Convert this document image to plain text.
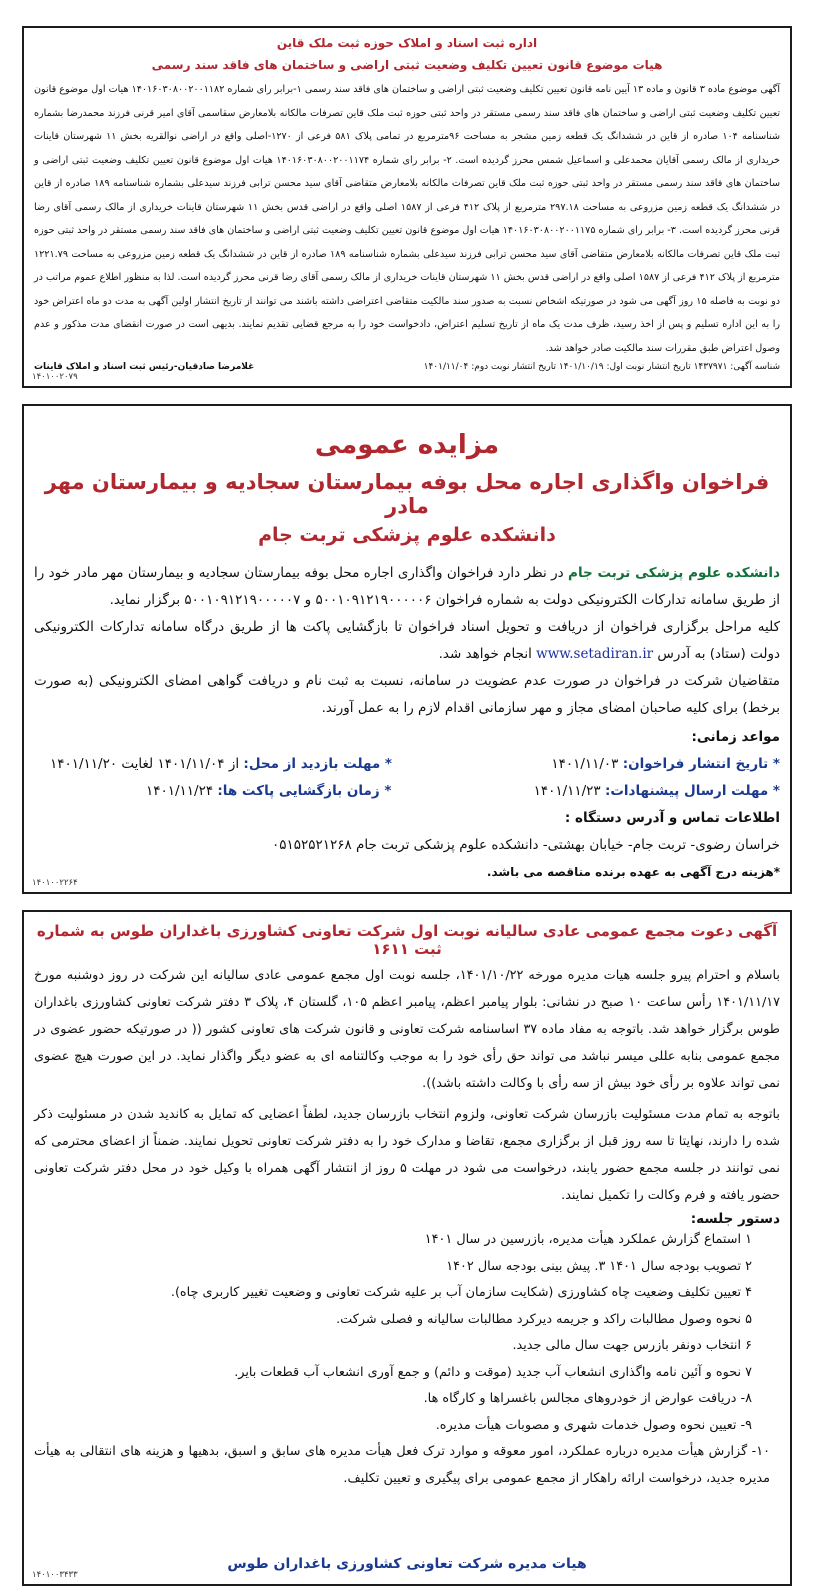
اداره ثبت اسناد و املاک حوزه ثبت ملک قاین
هیات موضوع قانون تعیین تکلیف وضعیت ثبتی اراضی و ساختمان های فاقد سند رسمی

آگهی موضوع ماده ۳ قانون و ماده ۱۳ آیین نامه قانون تعیین تکلیف وضعیت ثبتی اراضی و ساختمان های فاقد سند رسمی ۱-برابر رای شماره ۱۴۰۱۶۰۳۰۸۰۰۲۰۰۱۱۸۲ هیات اول موضوع قانون تعیین تکلیف وضعیت ثبتی اراضی و ساختمان های فاقد سند رسمی مستقر در واحد ثبتی حوزه ثبت ملک قاین تصرفات مالکانه بلامعارض سقاسمی آقای امیر قرنی فرزند محمدرضا بشماره شناسنامه ۱۰۴ صادره از قاین در ششدانگ یک قطعه زمین مشجر به مساحت ۹۶مترمربع در تمامی پلاک ۵۸۱ فرعی از ۱۲۷۰-اصلی واقع در اراضی نوالقریه بخش ۱۱ شهرستان قاینات خریداری از مالک رسمی آقایان محمدعلی و اسماعیل شمس محرز گردیده است. ۲- برابر رای شماره ۱۴۰۱۶۰۳۰۸۰۰۲۰۰۱۱۷۴ هیات اول موضوع قانون تعیین تکلیف وضعیت ثبتی اراضی و ساختمان های فاقد سند رسمی مستقر در واحد ثبتی حوزه ثبت ملک قاین تصرفات مالکانه بلامعارض متقاضی آقای سید محسن ترابی فرزند سیدعلی بشماره شناسنامه ۱۸۹ صادره از قاین در ششدانگ یک قطعه زمین مزروعی به مساحت ۲۹۷.۱۸ مترمربع از پلاک ۴۱۲ فرعی از ۱۵۸۷ اصلی واقع در اراضی قدس بخش ۱۱ شهرستان قاینات خریداری از مالک رسمی آقای رضا قرنی محرز گردیده است. ۳- برابر رای شماره ۱۴۰۱۶۰۳۰۸۰۰۲۰۰۱۱۷۵ هیات اول موضوع قانون تعیین تکلیف وضعیت ثبتی اراضی و ساختمان های فاقد سند رسمی مستقر در واحد ثبتی حوزه ثبت ملک قاین تصرفات مالکانه بلامعارض متقاضی آقای سید محسن ترابی فرزند سیدعلی بشماره شناسنامه ۱۸۹ صادره از قاین در ششدانگ یک قطعه زمین مزروعی به مساحت ۱۲۲۱.۷۹ مترمربع از پلاک ۴۱۲ فرعی از ۱۵۸۷ اصلی واقع در اراضی قدس بخش ۱۱ شهرستان قاینات خریداری از مالک رسمی آقای رضا قرنی محرز گردیده است. لذا به منظور اطلاع عموم مراتب در دو نوبت به فاصله ۱۵ روز آگهی می شود در صورتیکه اشخاص نسبت به صدور سند مالکیت متقاضی اعتراضی داشته باشند می توانند از تاریخ انتشار اولین آگهی به مدت دو ماه اعتراض خود را به این اداره تسلیم و پس از اخذ رسید، ظرف مدت یک ماه از تاریخ تسلیم اعتراض، دادخواست خود را به مرجع قضایی تقدیم نمایند. بدیهی است در صورت انقضای مدت مذکور و عدم وصول اعتراض طبق مقررات سند مالکیت صادر خواهد شد.

شناسه آگهی: ۱۴۳۷۹۷۱ تاریخ انتشار نوبت اول: ۱۴۰۱/۱۰/۱۹ تاریخ انتشار نوبت دوم: ۱۴۰۱/۱۱/۰۴
غلامرضا صادقیان-رئیس ثبت اسناد و املاک قاینات
۱۴۰۱۰۰۲۰۷۹
مزایده عمومی
فراخوان واگذاری اجاره محل بوفه بیمارستان سجادیه و بیمارستان مهر مادر
دانشکده علوم پزشکی تربت جام

دانشکده علوم پزشکی تربت جام در نظر دارد فراخوان واگذاری اجاره محل بوفه بیمارستان سجادیه و بیمارستان مهر مادر خود را از طریق سامانه تدارکات الکترونیکی دولت به شماره فراخوان ۵۰۰۱۰۹۱۲۱۹۰۰۰۰۰۶ و ۵۰۰۱۰۹۱۲۱۹۰۰۰۰۰۷ برگزار نماید.

کلیه مراحل برگزاری فراخوان از دریافت و تحویل اسناد فراخوان تا بازگشایی پاکت ها از طریق درگاه سامانه تدارکات الکترونیکی دولت (ستاد) به آدرس www.setadiran.ir انجام خواهد شد.

متقاضیان شرکت در فراخوان در صورت عدم عضویت در سامانه، نسبت به ثبت نام و دریافت گواهی امضای الکترونیکی (به صورت برخط) برای کلیه صاحبان امضای مجاز و مهر سازمانی اقدام لازم را به عمل آورند.

مواعد زمانی:
* تاریخ انتشار فراخوان: ۱۴۰۱/۱۱/۰۳
* مهلت بازدید از محل: از ۱۴۰۱/۱۱/۰۴ لغایت ۱۴۰۱/۱۱/۲۰
* مهلت ارسال پیشنهادات: ۱۴۰۱/۱۱/۲۳
* زمان بازگشایی پاکت ها: ۱۴۰۱/۱۱/۲۴
اطلاعات تماس و آدرس دستگاه :
خراسان رضوی- تربت جام- خیابان بهشتی- دانشکده علوم پزشکی تربت جام ۰۵۱۵۲۵۲۱۲۶۸
*هزینه درج آگهی به عهده برنده مناقصه می باشد.
۱۴۰۱۰۰۲۲۶۴
آگهی دعوت مجمع عمومی عادی سالیانه نوبت اول شرکت تعاونی کشاورزی باغداران طوس به شماره ثبت ۱۶۱۱

باسلام و احترام پیرو جلسه هیات مدیره مورخه ۱۴۰۱/۱۰/۲۲، جلسه نوبت اول مجمع عمومی عادی سالیانه این شرکت در روز دوشنبه مورخ ۱۴۰۱/۱۱/۱۷ رأس ساعت ۱۰ صبح در نشانی: بلوار پیامبر اعظم، پیامبر اعظم ۱۰۵، گلستان ۴، پلاک ۳ دفتر شرکت تعاونی کشاورزی باغداران طوس برگزار خواهد شد. باتوجه به مفاد ماده ۳۷ اساسنامه شرکت تعاونی و قانون شرکت های تعاونی کشور (( در صورتیکه حضور عضوی در مجمع عمومی بنابه عللی میسر نباشد می تواند حق رأی خود را به موجب وکالتنامه ای به عضو دیگر واگذار نماید. در این صورت هیچ عضوی نمی تواند علاوه بر رأی خود بیش از سه رأی با وکالت داشته باشد)).

باتوجه به تمام مدت مسئولیت بازرسان شرکت تعاونی، ولزوم انتخاب بازرسان جدید، لطفاً اعضایی که تمایل به کاندید شدن در مسئولیت ذکر شده را دارند، نهایتا تا سه روز قبل از برگزاری مجمع، تقاضا و مدارک خود را به دفتر شرکت تعاونی تحویل نمایند. ضمناً از اعضای محترمی که نمی توانند در جلسه مجمع حضور یابند، درخواست می شود در مهلت ۵ روز از انتشار آگهی همراه با وکیل خود در محل دفتر شرکت تعاونی حضور یافته و فرم وکالت را تکمیل نمایند.

دستور جلسه:
۱ استماع گزارش عملکرد هیأت مدیره، بازرسین در سال ۱۴۰۱
۲ تصویب بودجه سال ۱۴۰۱ ۳. پیش بینی بودجه سال ۱۴۰۲
۴ تعیین تکلیف وضعیت چاه کشاورزی (شکایت سازمان آب بر علیه شرکت تعاونی و وضعیت تغییر کاربری چاه).
۵ نحوه وصول مطالبات راکد و جریمه دیرکرد مطالبات سالیانه و فصلی شرکت.
۶ انتخاب دونفر بازرس جهت سال مالی جدید.
۷ نحوه و آئین نامه واگذاری انشعاب آب جدید (موقت و دائم) و جمع آوری انشعاب آب قطعات بایر.
۸- دریافت عوارض از خودروهای مجالس باغسراها و کارگاه ها.
۹- تعیین نحوه وصول خدمات شهری و مصوبات هیأت مدیره.
۱۰- گزارش هیأت مدیره درباره عملکرد، امور معوقه و موارد ترک فعل هیأت مدیره های سابق و اسبق، بدهیها و هزینه های انتقالی به هیأت مدیره جدید، درخواست ارائه راهکار از مجمع عمومی برای پیگیری و تعیین تکلیف.
هیات مدیره شرکت تعاونی کشاورزی باغداران طوس
۱۴۰۱۰۰۳۴۳۳
